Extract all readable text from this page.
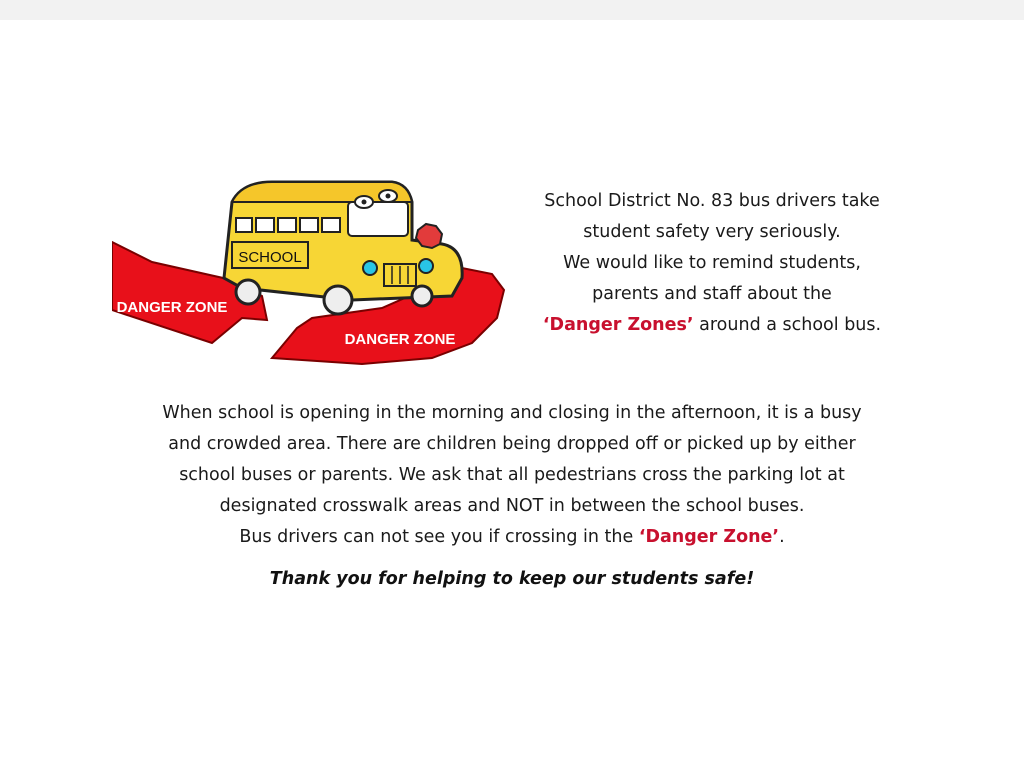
SCHOOL
DANGER ZONE
DANGER ZONE

School District No. 83 bus drivers take

student safety very seriously.

We would like to remind students,

parents and staff about the

‘Danger Zones’ around a school bus.

When school is opening in the morning and closing in the afternoon, it is a busy

and crowded area. There are children being dropped off or picked up by either

school buses or parents. We ask that all pedestrians cross the parking lot at

designated crosswalk areas and NOT in between the school buses.

Bus drivers can not see you if crossing in the ‘Danger Zone’.

Thank you for helping to keep our students safe!
